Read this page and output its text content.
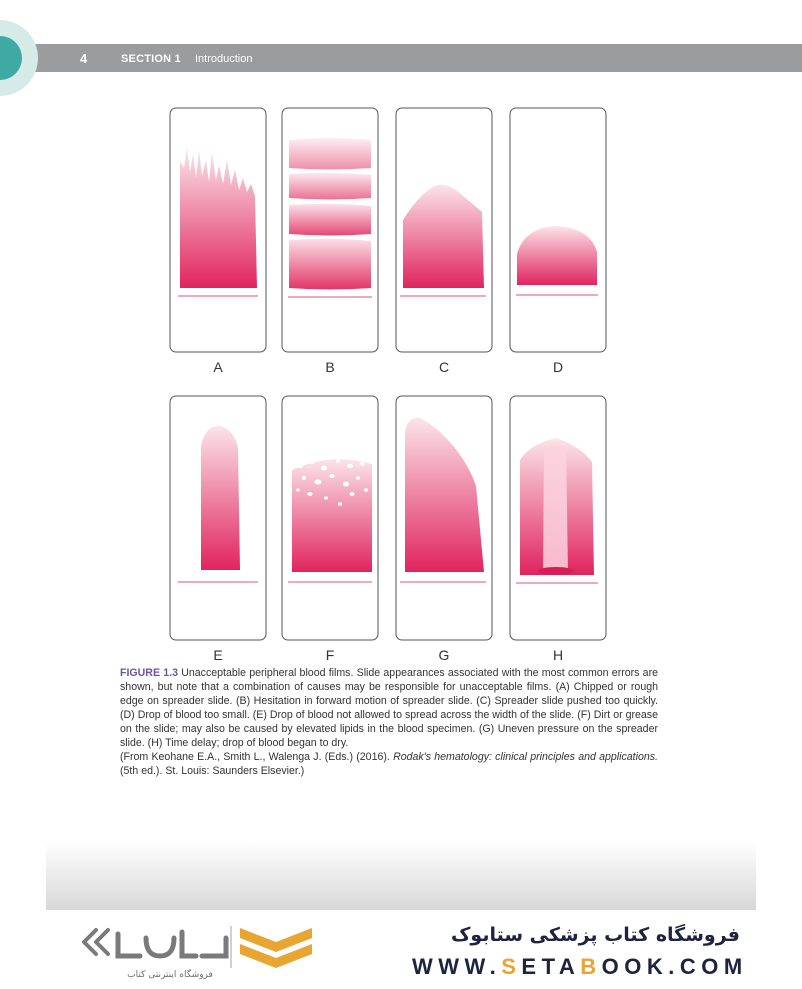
4	SECTION 1 Introduction
A	B	C	D
E	F	G	H

FIGURE 1.3 Unacceptable peripheral blood films. Slide appearances associated with the most common errors are shown, but note that a combination of causes may be responsible for unacceptable films. (A) Chipped or rough edge on spreader slide. (B) Hesitation in forward motion of spreader slide. (C) Spreader slide pushed too quickly. (D) Drop of blood too small. (E) Drop of blood not allowed to spread across the width of the slide. (F) Dirt or grease on the slide; may also be caused by elevated lipids in the blood specimen. (G) Uneven pressure on the spreader slide. (H) Time delay; drop of blood began to dry.

(From Keohane E.A., Smith L., Walenga J. (Eds.) (2016). Rodak's hematology: clinical principles and applications. (5th ed.). St. Louis: Saunders Elsevier.)

فروشگاه اینترنتی کتاب
فروشگاه کتاب پزشکی ستابوک
WWW.SETABOOK.COM
